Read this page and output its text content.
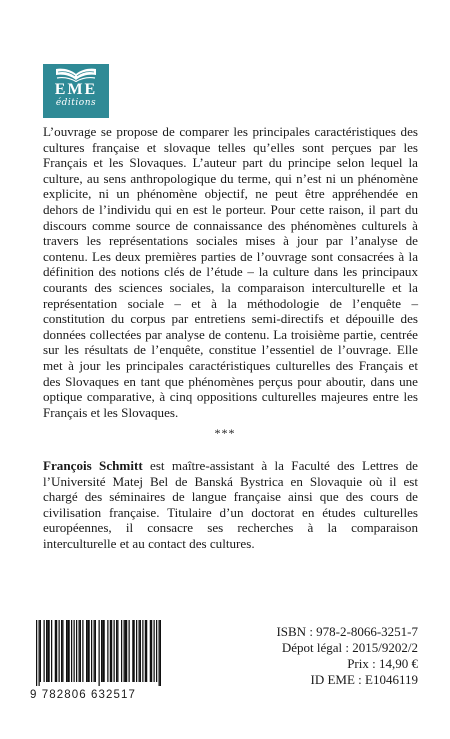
EME
éditions

L’ouvrage se propose de comparer les principales caractéristiques des cultures française et slovaque telles qu’elles sont perçues par les Français et les Slovaques. L’auteur part du principe selon lequel la culture, au sens anthropologique du terme, qui n’est ni un phénomène explicite, ni un phénomène objectif, ne peut être appréhendée en dehors de l’individu qui en est le porteur. Pour cette raison, il part du discours comme source de connaissance des phénomènes culturels à travers les représentations sociales mises à jour par l’analyse de contenu. Les deux premières parties de l’ouvrage sont consacrées à la définition des notions clés de l’étude – la culture dans les principaux courants des sciences sociales, la comparaison interculturelle et la représentation sociale – et à la méthodologie de l’enquête – constitution du corpus par entretiens semi-directifs et dépouille des données collectées par analyse de contenu. La troisième partie, centrée sur les résultats de l’enquête, constitue l’essentiel de l’ouvrage. Elle met à jour les principales caractéristiques culturelles des Français et des Slovaques en tant que phénomènes perçus pour aboutir, dans une optique comparative, à cinq oppositions culturelles majeures entre les Français et les Slovaques.

***

François Schmitt est maître-assistant à la Faculté des Lettres de l’Université Matej Bel de Banská Bystrica en Slovaquie où il est chargé des séminaires de langue française ainsi que des cours de civilisation française. Titulaire d’un doctorat en études culturelles européennes, il consacre ses recherches à la comparaison interculturelle et au contact des cultures.

9 782806 632517
ISBN : 978-2-8066-3251-7
Dépot légal : 2015/9202/2
Prix : 14,90 €
ID EME : E1046119
